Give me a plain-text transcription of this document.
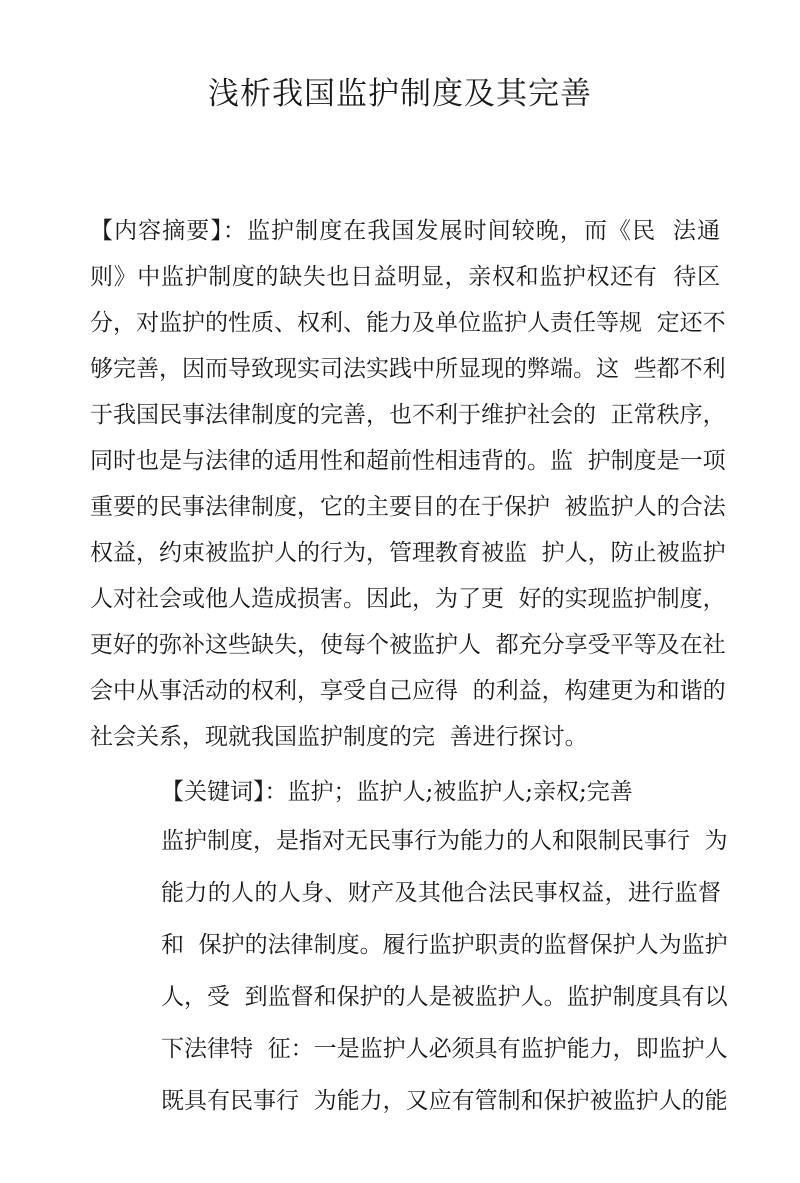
浅析我国监护制度及其完善
【内容摘要】：监护制度在我国发展时间较晚，而《民  法通
则》中监护制度的缺失也日益明显，亲权和监护权还有  待区
分，对监护的性质、权利、能力及单位监护人责任等规  定还不
够完善，因而导致现实司法实践中所显现的弊端。这  些都不利
于我国民事法律制度的完善，也不利于维护社会的  正常秩序，
同时也是与法律的适用性和超前性相违背的。监  护制度是一项
重要的民事法律制度，它的主要目的在于保护  被监护人的合法
权益，约束被监护人的行为，管理教育被监  护人，防止被监护
人对社会或他人造成损害。因此，为了更  好的实现监护制度，
更好的弥补这些缺失，使每个被监护人  都充分享受平等及在社
会中从事活动的权利，享受自己应得  的利益，构建更为和谐的
社会关系，现就我国监护制度的完  善进行探讨。
【关键词】：监护；监护人;被监护人;亲权;完善
监护制度，是指对无民事行为能力的人和限制民事行  为
能力的人的人身、财产及其他合法民事权益，进行监督
和  保护的法律制度。履行监护职责的监督保护人为监护
人，受  到监督和保护的人是被监护人。监护制度具有以
下法律特  征：一是监护人必须具有监护能力，即监护人
既具有民事行  为能力，又应有管制和保护被监护人的能
